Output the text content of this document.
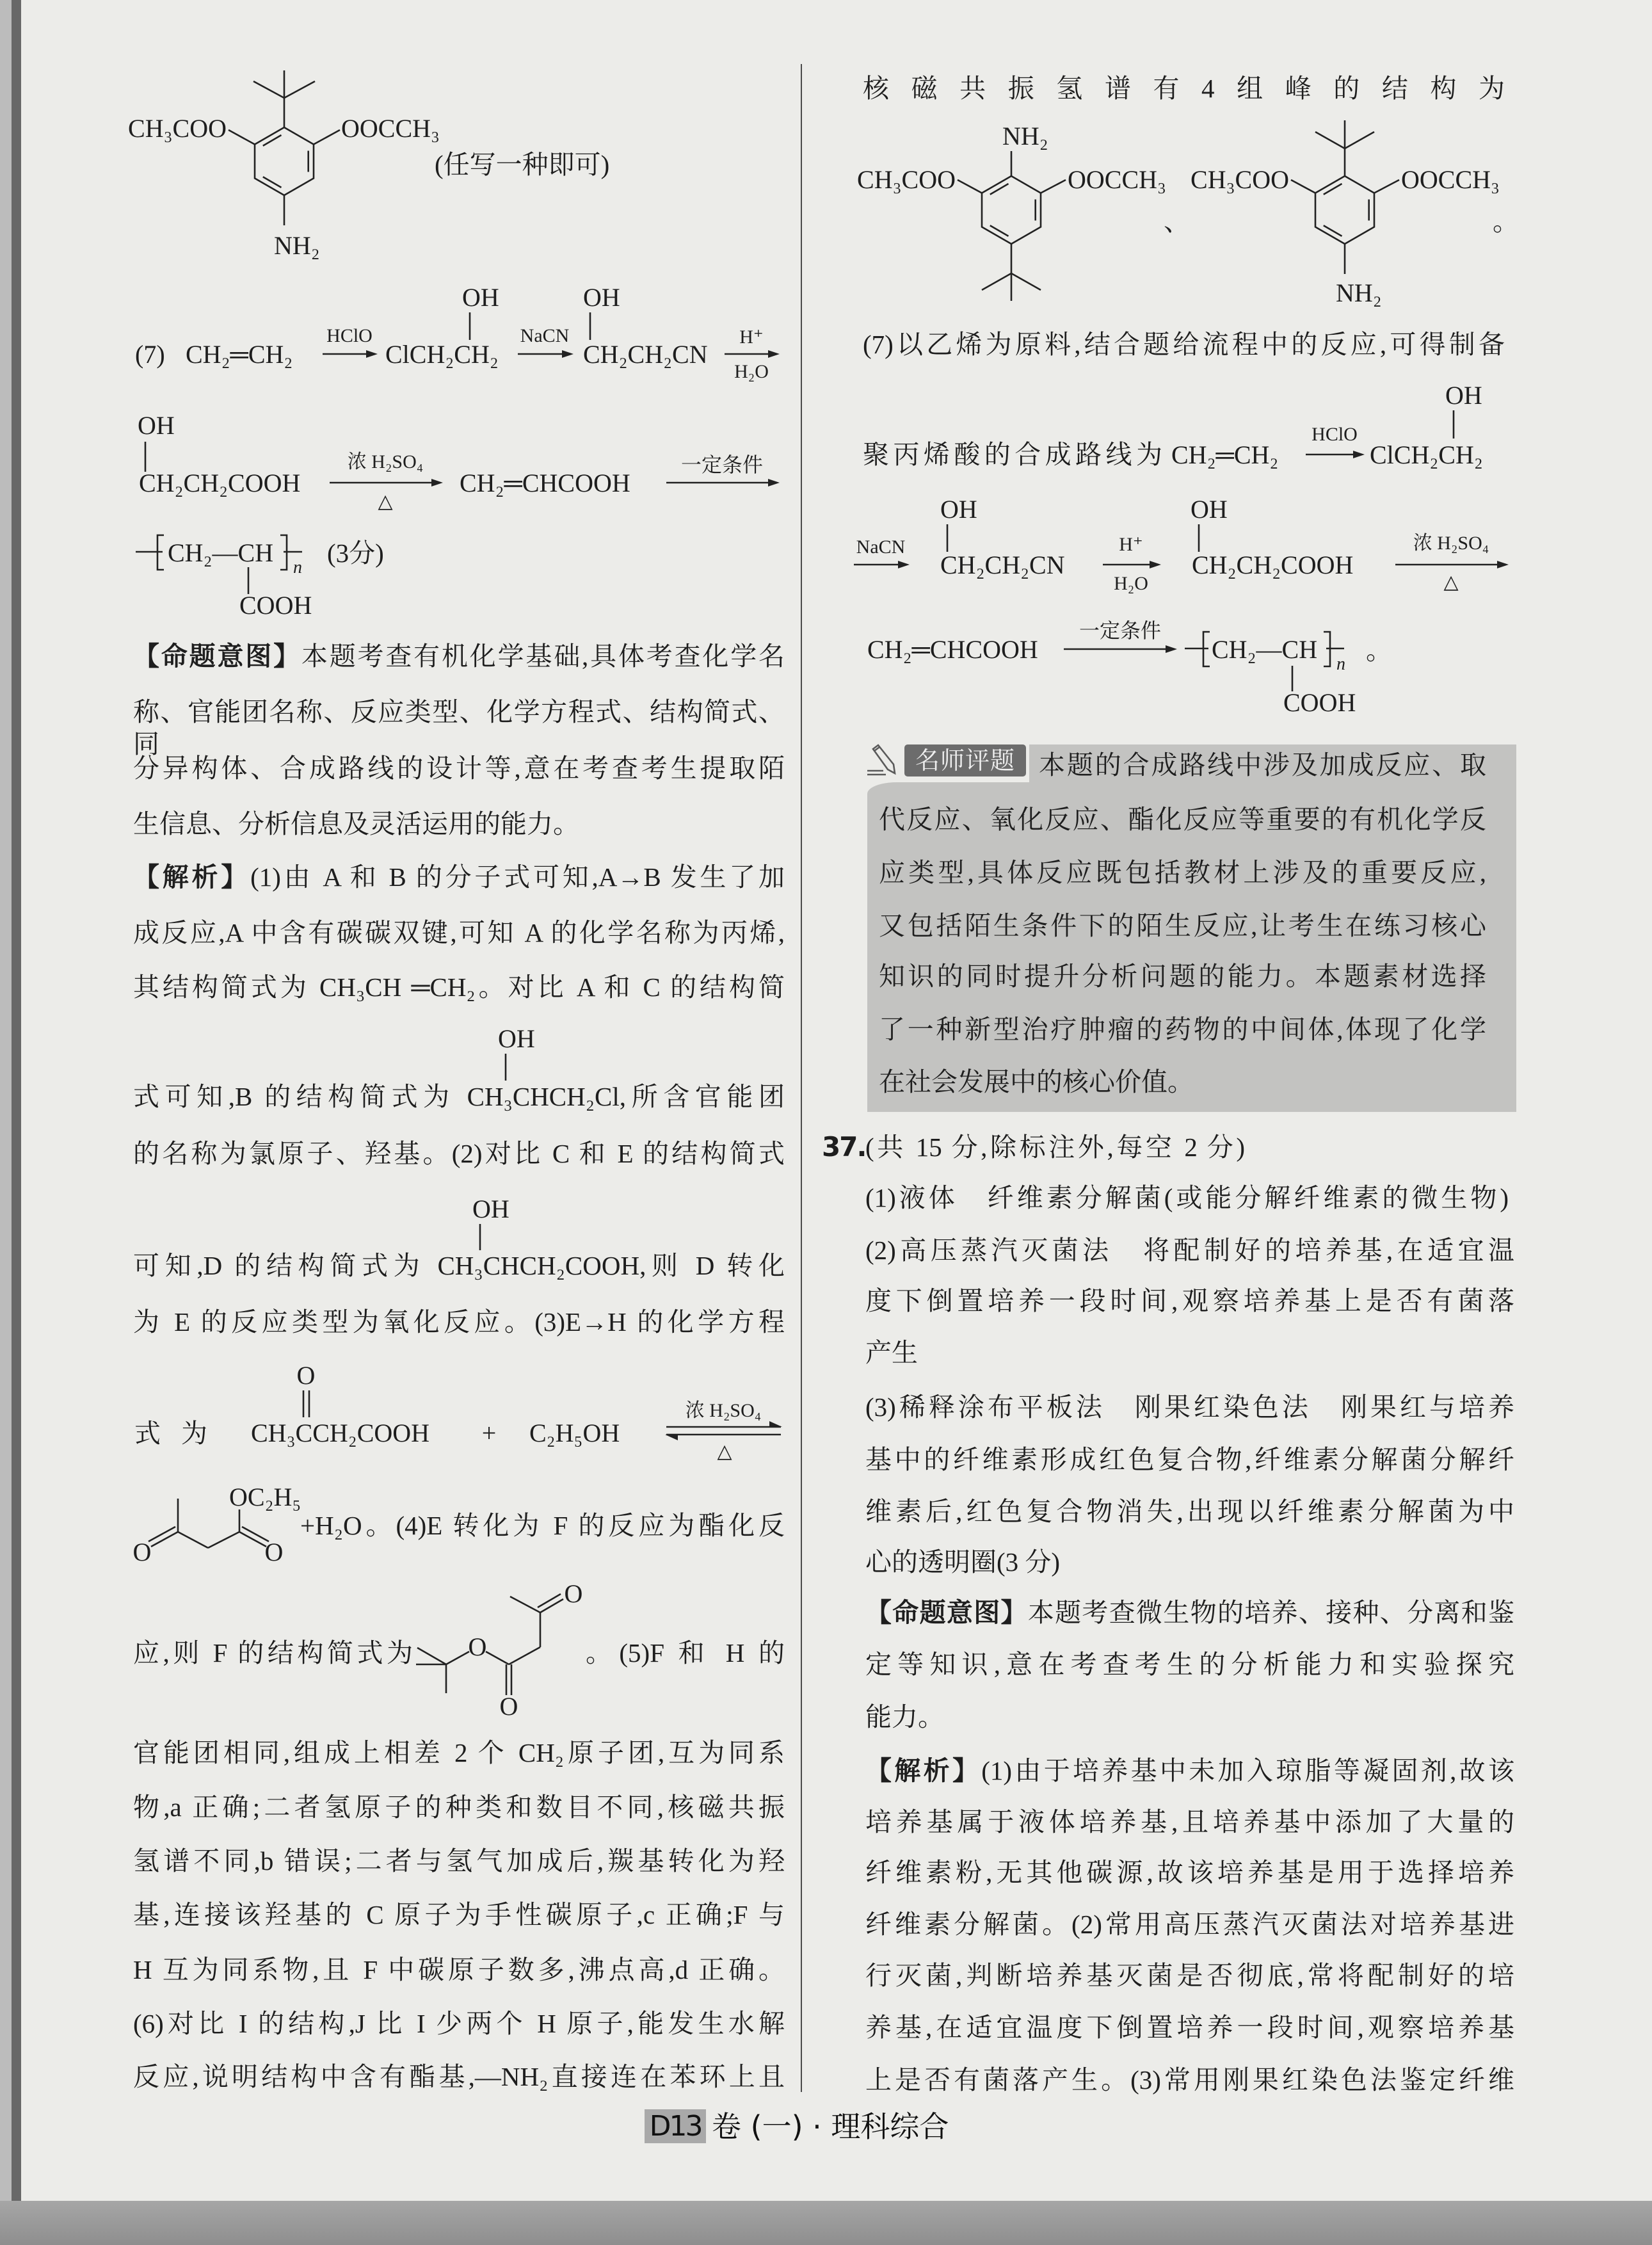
名师评题
【命题意图】本题考查有机化学基础,具体考查化学名
称、官能团名称、反应类型、化学方程式、结构简式、同
分异构体、合成路线的设计等,意在考查考生提取陌
生信息、分析信息及灵活运用的能力。
【解析】(1)由 A 和 B 的分子式可知,A→B 发生了加
成反应,A 中含有碳碳双键,可知 A 的化学名称为丙烯,
其结构简式为 CH₃CH ═CH₂。对比 A 和 C 的结构简
式可知,B 的结构简式为 CH₃CHCH₂Cl,所含官能团
的名称为氯原子、羟基。(2)对比 C 和 E 的结构简式
可知,D 的结构简式为 CH₃CHCH₂COOH,则 D 转化
为 E 的反应类型为氧化反应。(3)E→H 的化学方程
+H₂O。(4)E 转化为 F 的反应为酯化反
应,则 F 的结构简式为	。(5)F 和 H 的
官能团相同,组成上相差 2 个 CH₂原子团,互为同系
物,a 正确;二者氢原子的种类和数目不同,核磁共振
氢谱不同,b 错误;二者与氢气加成后,羰基转化为羟
基,连接该羟基的 C 原子为手性碳原子,c 正确;F 与
H 互为同系物,且 F 中碳原子数多,沸点高,d 正确。
(6)对比 I 的结构,J 比 I 少两个 H 原子,能发生水解
反应,说明结构中含有酯基,—NH₂直接连在苯环上且
核磁共振氢谱有4组峰的结构为
(7)以乙烯为原料,结合题给流程中的反应,可得制备
聚丙烯酸的合成路线为
本题的合成路线中涉及加成反应、取
代反应、氧化反应、酯化反应等重要的有机化学反
应类型,具体反应既包括教材上涉及的重要反应,
又包括陌生条件下的陌生反应,让考生在练习核心
知识的同时提升分析问题的能力。本题素材选择
了一种新型治疗肿瘤的药物的中间体,体现了化学
在社会发展中的核心价值。
37. (共 15 分,除标注外,每空 2 分)
(1)液体　纤维素分解菌(或能分解纤维素的微生物)
(2)高压蒸汽灭菌法　将配制好的培养基,在适宜温
度下倒置培养一段时间,观察培养基上是否有菌落
产生
(3)稀释涂布平板法　刚果红染色法　刚果红与培养
基中的纤维素形成红色复合物,纤维素分解菌分解纤
维素后,红色复合物消失,出现以纤维素分解菌为中
心的透明圈(3 分)
【命题意图】本题考查微生物的培养、接种、分离和鉴
定等知识,意在考查考生的分析能力和实验探究
能力。
【解析】(1)由于培养基中未加入琼脂等凝固剂,故该
培养基属于液体培养基,且培养基中添加了大量的
纤维素粉,无其他碳源,故该培养基是用于选择培养
纤维素分解菌。(2)常用高压蒸汽灭菌法对培养基进
行灭菌,判断培养基灭菌是否彻底,常将配制好的培
养基,在适宜温度下倒置培养一段时间,观察培养基
上是否有菌落产生。(3)常用刚果红染色法鉴定纤维
D13 卷 (一) · 理科综合
CH₃COO	OOCCH₃
NH₂
(任写一种即可)
(7) CH₂═CH₂
HClO
ClCH₂CH₂
OH
NaCN
CH₂CH₂CN
OH
H⁺
H₂O
OH
CH₂CH₂COOH
浓 H₂SO₄
△
CH₂═CHCOOH
一定条件
CH₂—CH
n
COOH
(3分)
OH
OH
式 为
O
CH₃CCH₂COOH + C₂H₅OH
浓 H₂SO₄
△
O	O
OC₂H₅
O
O
O
NH₂
CH₃COO	OOCCH₃
、
CH₃COO	OOCCH₃
NH₂
。
CH₂═CH₂
HClO
ClCH₂CH₂
OH
NaCN
CH₂CH₂CN
OH
H⁺
H₂O
CH₂CH₂COOH
OH
浓 H₂SO₄
△
CH₂═CHCOOH
一定条件
CH₂—CH
n
COOH
。
